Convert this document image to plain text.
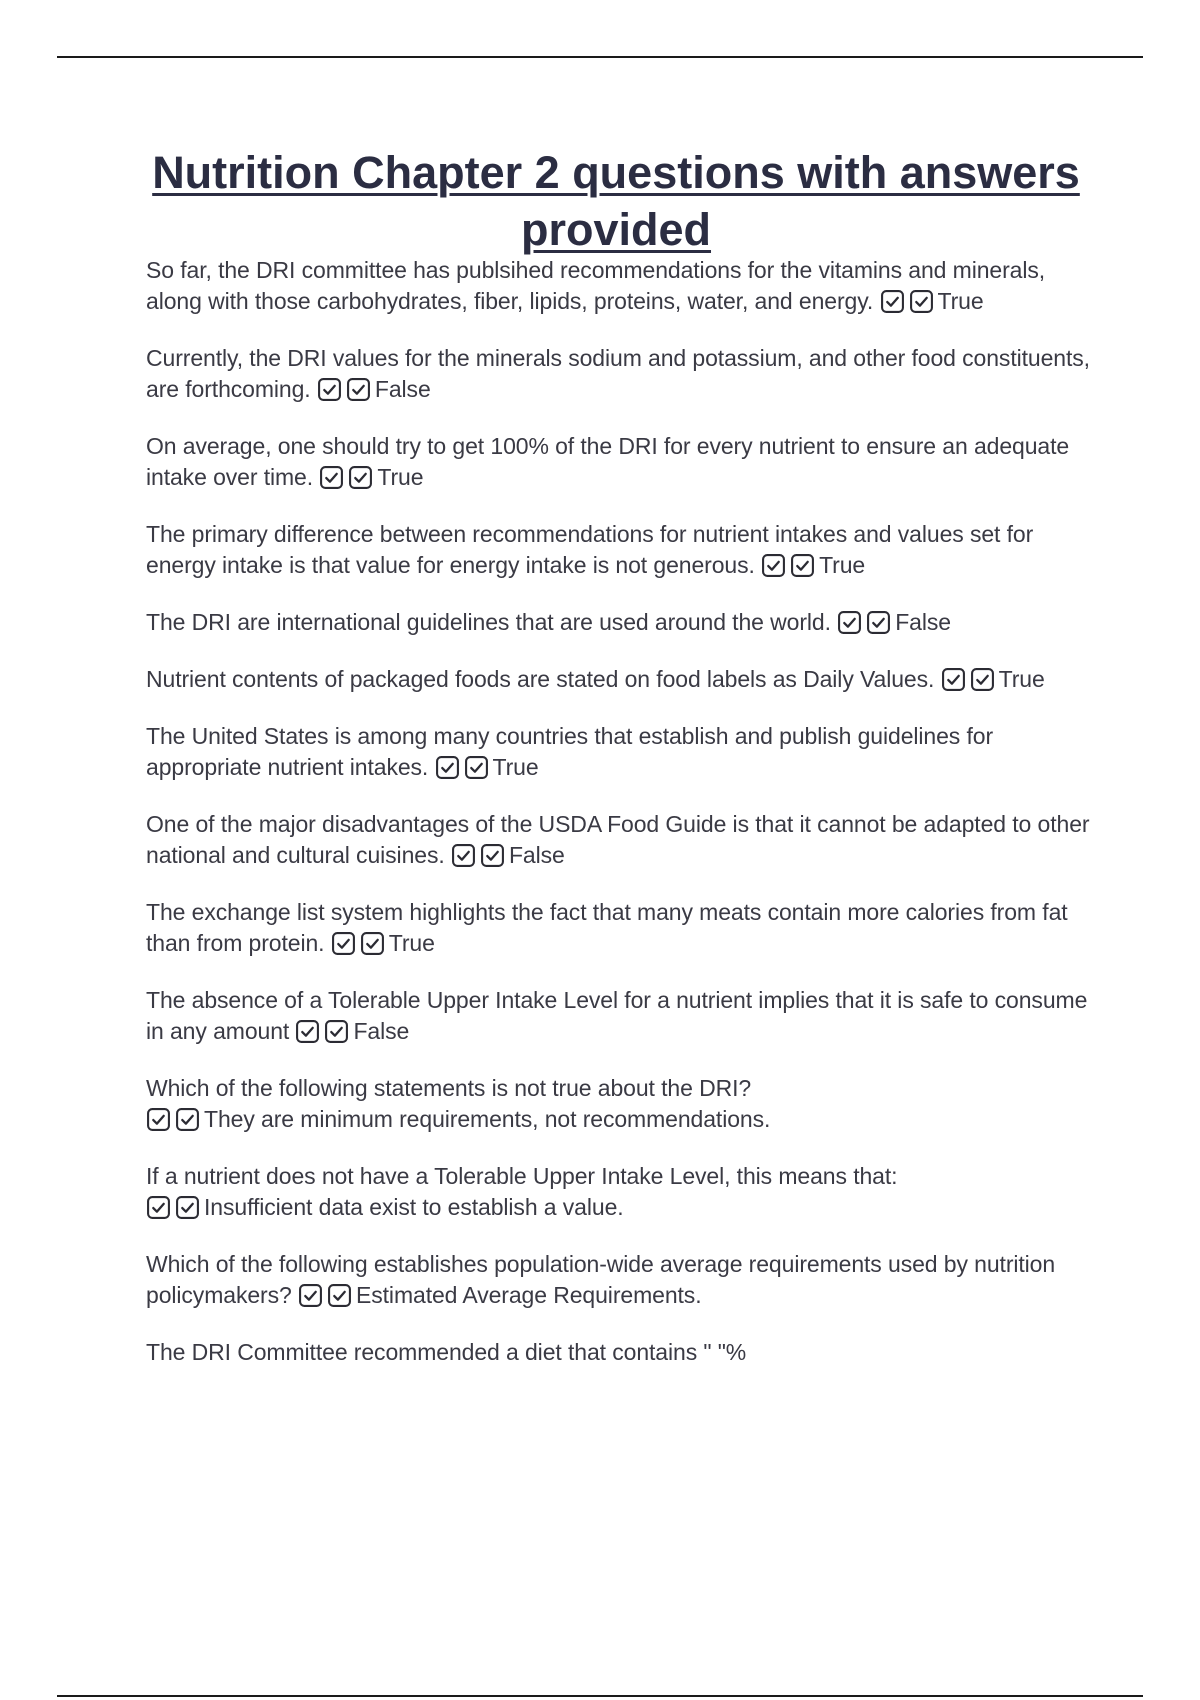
Nutrition Chapter 2 questions with answers provided

So far, the DRI committee has publsihed recommendations for the vitamins and minerals, along with those carbohydrates, fiber, lipids, proteins, water, and energy.	True

Currently, the DRI values for the minerals sodium and potassium, and other food constituents, are forthcoming.	False

On average, one should try to get 100% of the DRI for every nutrient to ensure an adequate intake over time.	True

The primary difference between recommendations for nutrient intakes and values set for energy intake is that value for energy intake is not generous.	True

The DRI are international guidelines that are used around the world.	False

Nutrient contents of packaged foods are stated on food labels as Daily Values.	True

The United States is among many countries that establish and publish guidelines for appropriate nutrient intakes.	True

One of the major disadvantages of the USDA Food Guide is that it cannot be adapted to other national and cultural cuisines.	False

The exchange list system highlights the fact that many meats contain more calories from fat than from protein.	True

The absence of a Tolerable Upper Intake Level for a nutrient implies that it is safe to consume in any amount	False

Which of the following statements is not true about the DRI?
They are minimum requirements, not recommendations.

If a nutrient does not have a Tolerable Upper Intake Level, this means that:
Insufficient data exist to establish a value.

Which of the following establishes population-wide average requirements used by nutrition policymakers?	Estimated Average Requirements.

The DRI Committee recommended a diet that contains " "%
